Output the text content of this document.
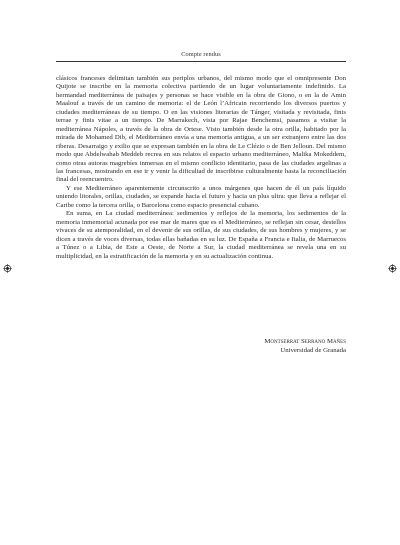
Compte rendus

clásicos franceses delimitan también sus periplos urbanos, del mismo modo que el omnipresente Don Quijote se inscribe en la memoria colectiva partiendo de un lugar voluntariamente indefinido. La hermandad mediterránea de paisajes y personas se hace visible en la obra de Giono, o en la de Amin Maalouf a través de un camino de memoria: el de León l’Africain recorriendo los diversos puertos y ciudades mediterráneas de su tiempo. O en las visiones literarias de Tánger, visitada y revisitada, finis terrae y finis vitae a un tiempo. De Marrakech, vista por Rajae Benchemsi, pasamos a visitar la mediterránea Nápoles, a través de la obra de Ortese. Visto también desde la otra orilla, habitado por la mirada de Mohamed Dib, el Mediterráneo envía a una memoria antigua, a un ser extranjero entre las dos riberas. Desarraigo y exilio que se expresan también en la obra de Le Clézio o de Ben Jelloun. Del mismo modo que Abdelwahab Meddeb recrea en sus relatos el espacio urbano mediterráneo, Malika Mokeddem, como otras autoras magrebíes inmersas en el mismo conflicto identitario, pasa de las ciudades argelinas a las francesas, mostrando en ese ir y venir la dificultad de inscribirse culturalmente hasta la reconciliación final del reencuentro.

Y ese Mediterráneo aparentemente circunscrito a unos márgenes que hacen de él un país líquido uniendo litorales, orillas, ciudades, se expande hacia el futuro y hacia un plus ultra: que lleva a reflejar el Caribe como la tercera orilla, o Barcelona como espacio presencial cubano.

En suma, en La ciudad mediterránea: sedimentos y reflejos de la memoria, los sedimentos de la memoria inmemorial acunada por ese mar de mares que es el Mediterráneo, se reflejan sin cesar, destellos vivaces de su atemporalidad, en el devenir de sus orillas, de sus ciudades, de sus hombres y mujeres, y se dicen a través de voces diversas, todas ellas bañadas en su luz. De España a Francia e Italia, de Marruecos a Túnez o a Libia, de Este a Oeste, de Norte a Sur, la ciudad mediterránea se revela una en su multiplicidad, en la estratificación de la memoria y en su actualización continua.

Montserrat Serrano Mañes
Universidad de Granada
